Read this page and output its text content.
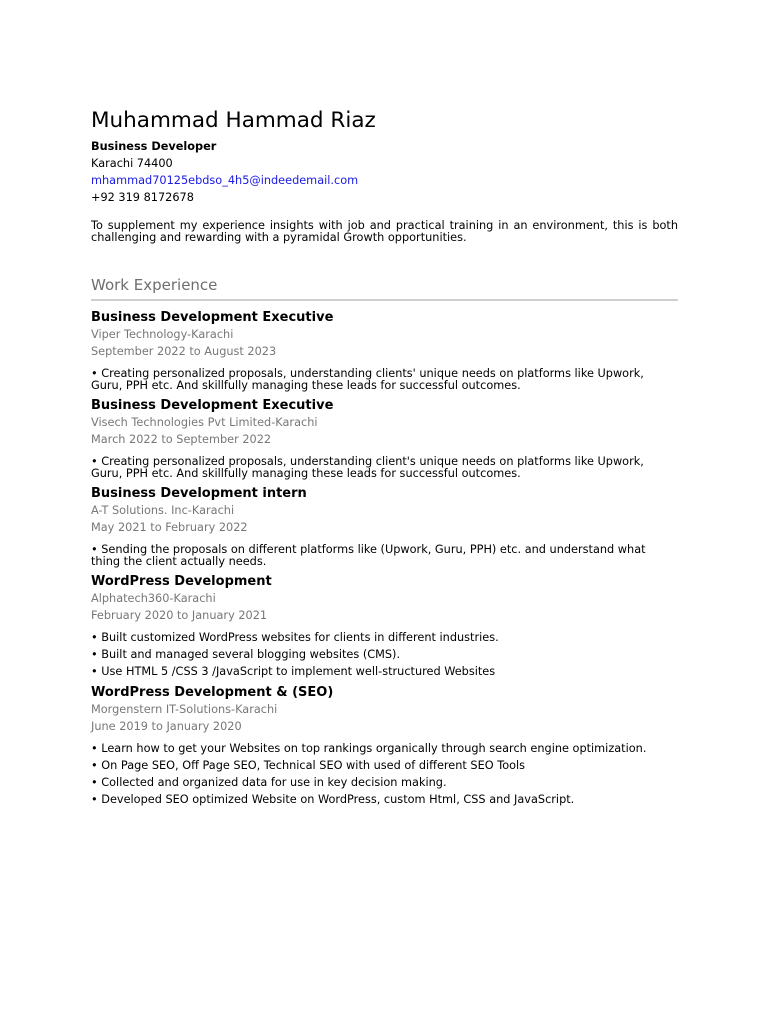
Muhammad Hammad Riaz
Business Developer
Karachi 74400
mhammad70125ebdso_4h5@indeedemail.com
+92 319 8172678
To supplement my experience insights with job and practical training in an environment, this is both challenging and rewarding with a pyramidal Growth opportunities.
Work Experience
Business Development Executive
Viper Technology-Karachi
September 2022 to August 2023
• Creating personalized proposals, understanding clients' unique needs on platforms like Upwork, Guru, PPH etc. And skillfully managing these leads for successful outcomes.
Business Development Executive
Visech Technologies Pvt Limited-Karachi
March 2022 to September 2022
• Creating personalized proposals, understanding client's unique needs on platforms like Upwork, Guru, PPH etc. And skillfully managing these leads for successful outcomes.
Business Development intern
A-T Solutions. Inc-Karachi
May 2021 to February 2022
• Sending the proposals on different platforms like (Upwork, Guru, PPH) etc. and understand what thing the client actually needs.
WordPress Development
Alphatech360-Karachi
February 2020 to January 2021
• Built customized WordPress websites for clients in different industries.
• Built and managed several blogging websites (CMS).
• Use HTML 5 /CSS 3 /JavaScript to implement well-structured Websites
WordPress Development & (SEO)
Morgenstern IT-Solutions-Karachi
June 2019 to January 2020
• Learn how to get your Websites on top rankings organically through search engine optimization.
• On Page SEO, Off Page SEO, Technical SEO with used of different SEO Tools
• Collected and organized data for use in key decision making.
• Developed SEO optimized Website on WordPress, custom Html, CSS and JavaScript.
